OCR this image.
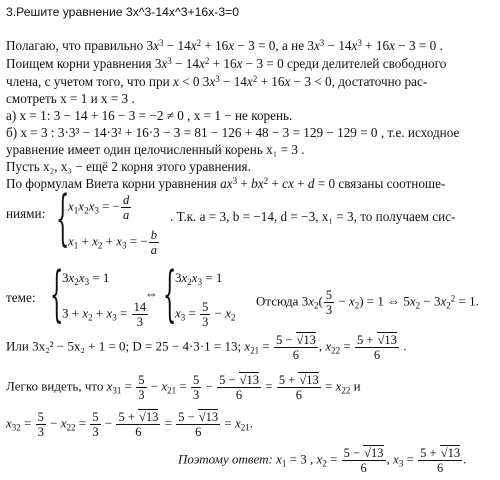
3.Решите уравнение 3x^3-14x^3+16x-3=0
Полагаю, что правильно $3x^3 - 14x^2 + 16x - 3 = 0$, а не $3x^3 - 14x^3 + 16x - 3 = 0$ .
Поищем корни уравнения $3x^3 - 14x^2 + 16x - 3 = 0$ среди делителей свободного
члена, с учетом того, что при x < 0 $3x^3 - 14x^2 + 16x - 3 < 0$, достаточно рас-
смотреть x = 1 и x = 3 .
а) x = 1: 3 − 14 + 16 − 3 = −2 ≠ 0 , x = 1 − не корень.
б) x = 3 : 3·3³ − 14·3² + 16·3 − 3 = 81 − 126 + 48 − 3 = 129 − 129 = 0 , т.е. исходное
уравнение имеет один целочисленный корень x₁ = 3 .
Пусть x₂, x₃ − ещё 2 корня этого уравнения.
По формулам Виета корни уравнения $ax^3 + bx^2$ + cx + d = 0 связаны соотноше-
ниями: {
$x_1x_2x_3$ = − $\frac{d}{a}$
$x_1 + x_2 + x_3$ = − $\frac{b}{a}$
. Т.к. a = 3, b = −14, d = −3, x₁ = 3, то получаем сис-
теме: {
$3x_2x_3 = 1$
$3 + x_2 + x_3 = \frac{14}{3}$
⇔ {
$3x_2x_3 = 1$
$x_3 = \frac{5}{3} - x_2$
Отсюда $3x_2( \frac{5}{3} - x_2) = 1$ ⇔ $5x_2 - 3x_2^2 = 1$.
Или 3x₂² − 5x₂ + 1 = 0; D = 25 − 4·3·1 = 13; $x_{21} = \frac{5 - √13}{6}$ , $x_{22} = \frac{5 + √13}{6}$ .
Легко видеть, что $x_{31} = \frac{5}{3} - x_{21} = \frac{5}{3} - \frac{5 - √13}{6} = \frac{5 + √13}{6} = x_{22}$ и
$x_{32} = \frac{5}{3} - x_{22} = \frac{5}{3} - \frac{5 + √13}{6} = \frac{5 - √13}{6} = x_{21}$.
Поэтому ответ: $x_1 = 3$ , $x_2 = \frac{5 - √13}{6}$ , $x_3 = \frac{5 + √13}{6}$ .
